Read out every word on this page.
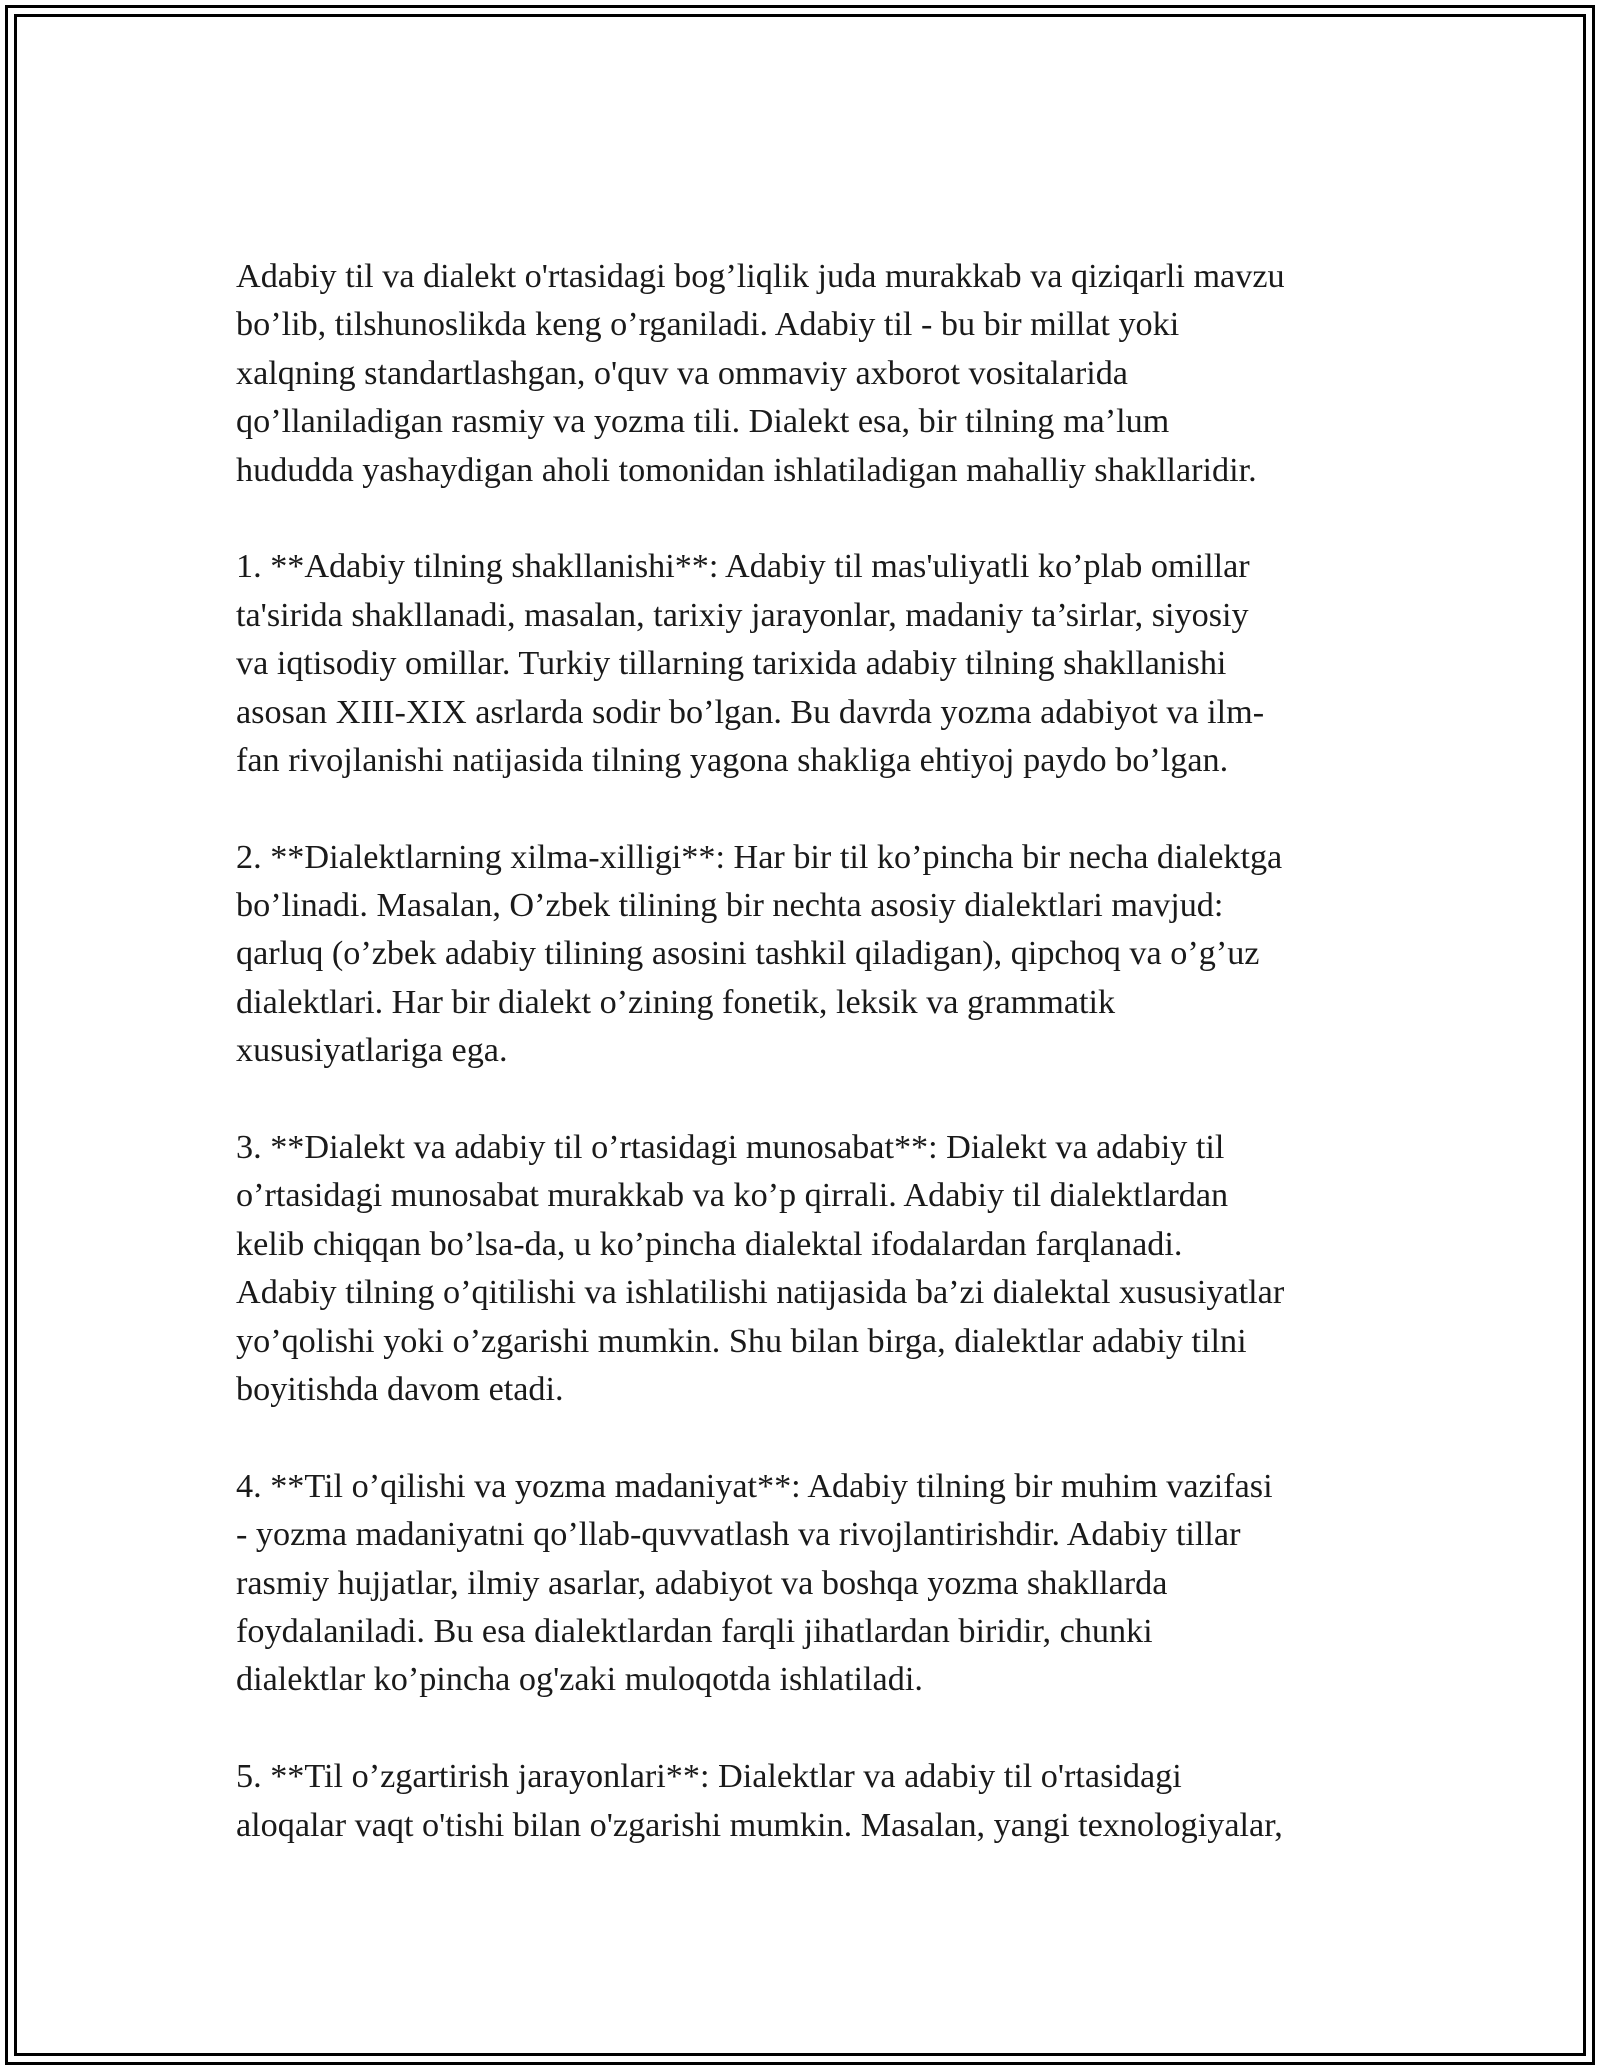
Adabiy til va dialekt o'rtasidagi bog’liqlik juda murakkab va qiziqarli mavzu
bo’lib, tilshunoslikda keng o’rganiladi. Adabiy til - bu bir millat yoki
xalqning standartlashgan, o'quv va ommaviy axborot vositalarida
qo’llaniladigan rasmiy va yozma tili. Dialekt esa, bir tilning ma’lum
hududda yashaydigan aholi tomonidan ishlatiladigan mahalliy shakllaridir.
1. **Adabiy tilning shakllanishi**: Adabiy til mas'uliyatli ko’plab omillar
ta'sirida shakllanadi, masalan, tarixiy jarayonlar, madaniy ta’sirlar, siyosiy
va iqtisodiy omillar. Turkiy tillarning tarixida adabiy tilning shakllanishi
asosan XIII-XIX asrlarda sodir bo’lgan. Bu davrda yozma adabiyot va ilm-
fan rivojlanishi natijasida tilning yagona shakliga ehtiyoj paydo bo’lgan.
2. **Dialektlarning xilma-xilligi**: Har bir til ko’pincha bir necha dialektga
bo’linadi. Masalan, O’zbek tilining bir nechta asosiy dialektlari mavjud:
qarluq (o’zbek adabiy tilining asosini tashkil qiladigan), qipchoq va o’g’uz
dialektlari. Har bir dialekt o’zining fonetik, leksik va grammatik
xususiyatlariga ega.
3. **Dialekt va adabiy til o’rtasidagi munosabat**: Dialekt va adabiy til
o’rtasidagi munosabat murakkab va ko’p qirrali. Adabiy til dialektlardan
kelib chiqqan bo’lsa-da, u ko’pincha dialektal ifodalardan farqlanadi.
Adabiy tilning o’qitilishi va ishlatilishi natijasida ba’zi dialektal xususiyatlar
yo’qolishi yoki o’zgarishi mumkin. Shu bilan birga, dialektlar adabiy tilni
boyitishda davom etadi.
4. **Til o’qilishi va yozma madaniyat**: Adabiy tilning bir muhim vazifasi
- yozma madaniyatni qo’llab-quvvatlash va rivojlantirishdir. Adabiy tillar
rasmiy hujjatlar, ilmiy asarlar, adabiyot va boshqa yozma shakllarda
foydalaniladi. Bu esa dialektlardan farqli jihatlardan biridir, chunki
dialektlar ko’pincha og'zaki muloqotda ishlatiladi.
5. **Til o’zgartirish jarayonlari**: Dialektlar va adabiy til o'rtasidagi
aloqalar vaqt o'tishi bilan o'zgarishi mumkin. Masalan, yangi texnologiyalar,
